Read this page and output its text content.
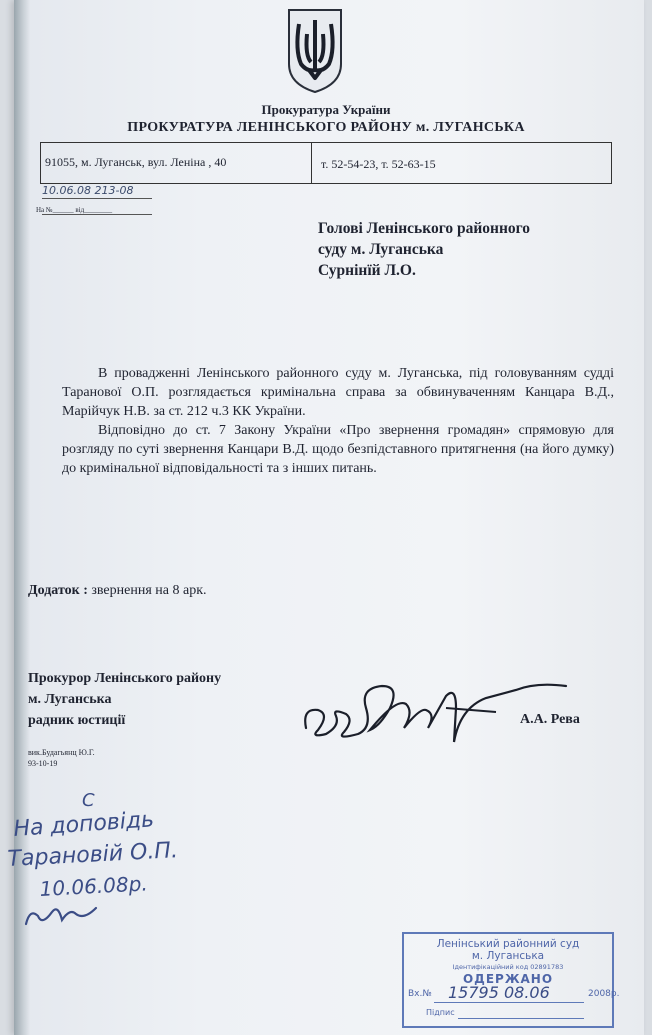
Прокуратура України
ПРОКУРАТУРА ЛЕНІНСЬКОГО РАЙОНУ м. ЛУГАНСЬКА
91055, м. Луганськ, вул. Леніна , 40	т. 52-54-23, т. 52-63-15
10.06.08 213-08
На №______ від________
Голові Ленінського районного
суду м. Луганська
Сурнінїй Л.О.

В провадженні Ленінського районного суду м. Луганська, під головуванням судді Таранової О.П. розглядається кримінальна справа за обвинуваченням Канцара В.Д., Марійчук Н.В. за ст. 212 ч.3 КК України.

Відповідно до ст. 7 Закону України «Про звернення громадян» спрямовую для розгляду по суті звернення Канцари В.Д. щодо безпідставного притягнення (на його думку) до кримінальної відповідальності та з інших питань.

Додаток : звернення на 8 арк.
Прокурор Ленінського району
м. Луганська
радник юстиції	А.А. Рева
вик.Будагьянц Ю.Г.
93-10-19
С
На доповідь
Тарановій О.П.
10.06.08р.
Ленінський районний суд
м. Луганська
Ідентифікаційний код 02891783
ОДЕРЖАНО
Вх.№ 15795 08.06	2008р.
Підпис
